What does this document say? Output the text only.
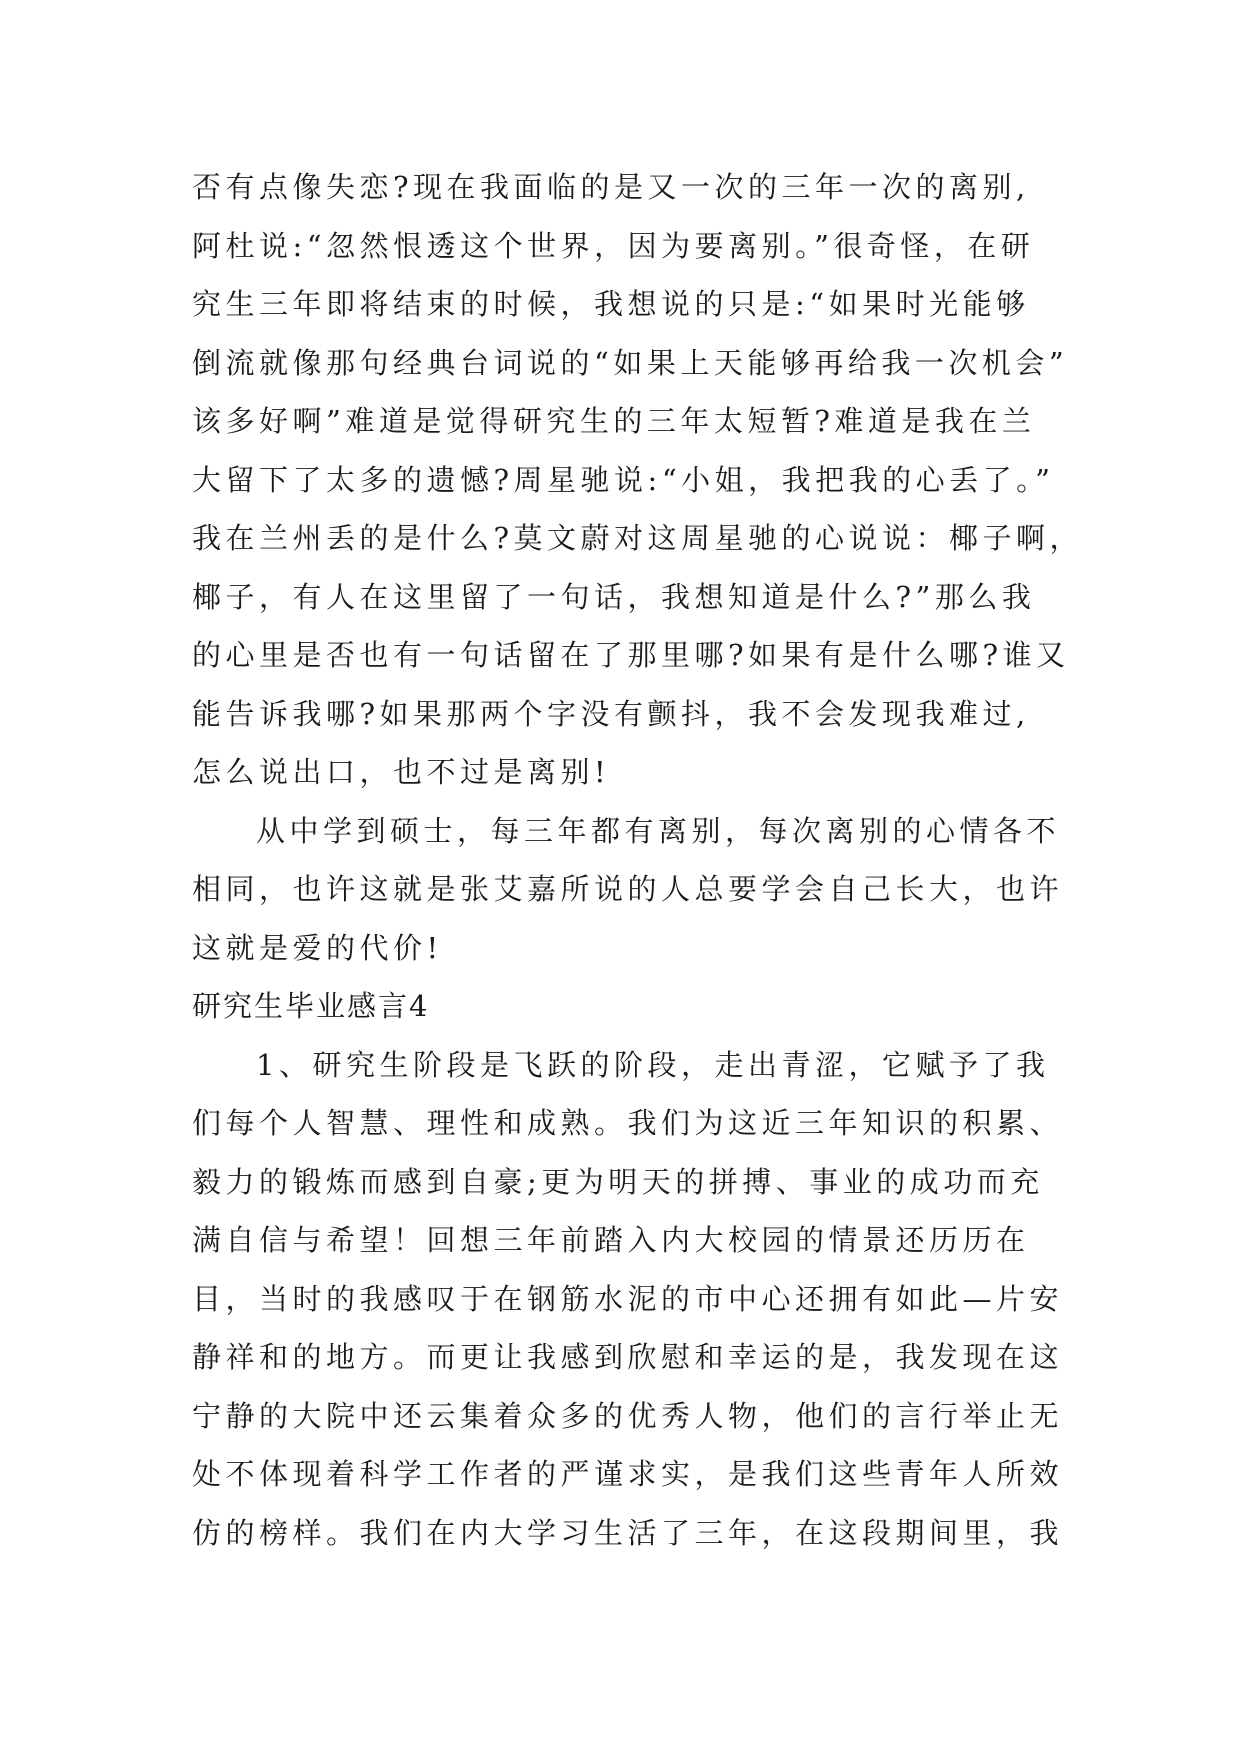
否有点像失恋?现在我面临的是又一次的三年一次的离别,
阿杜说:“忽然恨透这个世界，因为要离别。”很奇怪，在研
究生三年即将结束的时候，我想说的只是:“如果时光能够
倒流就像那句经典台词说的“如果上天能够再给我一次机会”
该多好啊”难道是觉得研究生的三年太短暂?难道是我在兰
大留下了太多的遗憾?周星驰说:“小姐，我把我的心丢了。”
我在兰州丢的是什么?莫文蔚对这周星驰的心说说：椰子啊，
椰子，有人在这里留了一句话，我想知道是什么?”那么我
的心里是否也有一句话留在了那里哪?如果有是什么哪?谁又
能告诉我哪?如果那两个字没有颤抖，我不会发现我难过,
怎么说出口，也不过是离别!
从中学到硕士，每三年都有离别，每次离别的心情各不
相同，也许这就是张艾嘉所说的人总要学会自己长大，也许
这就是爱的代价!
研究生毕业感言4
1、研究生阶段是飞跃的阶段，走出青涩，它赋予了我
们每个人智慧、理性和成熟。我们为这近三年知识的积累、
毅力的锻炼而感到自豪;更为明天的拼搏、事业的成功而充
满自信与希望！回想三年前踏入内大校园的情景还历历在
目，当时的我感叹于在钢筋水泥的市中心还拥有如此—片安
静祥和的地方。而更让我感到欣慰和幸运的是，我发现在这
宁静的大院中还云集着众多的优秀人物，他们的言行举止无
处不体现着科学工作者的严谨求实，是我们这些青年人所效
仿的榜样。我们在内大学习生活了三年，在这段期间里，我
